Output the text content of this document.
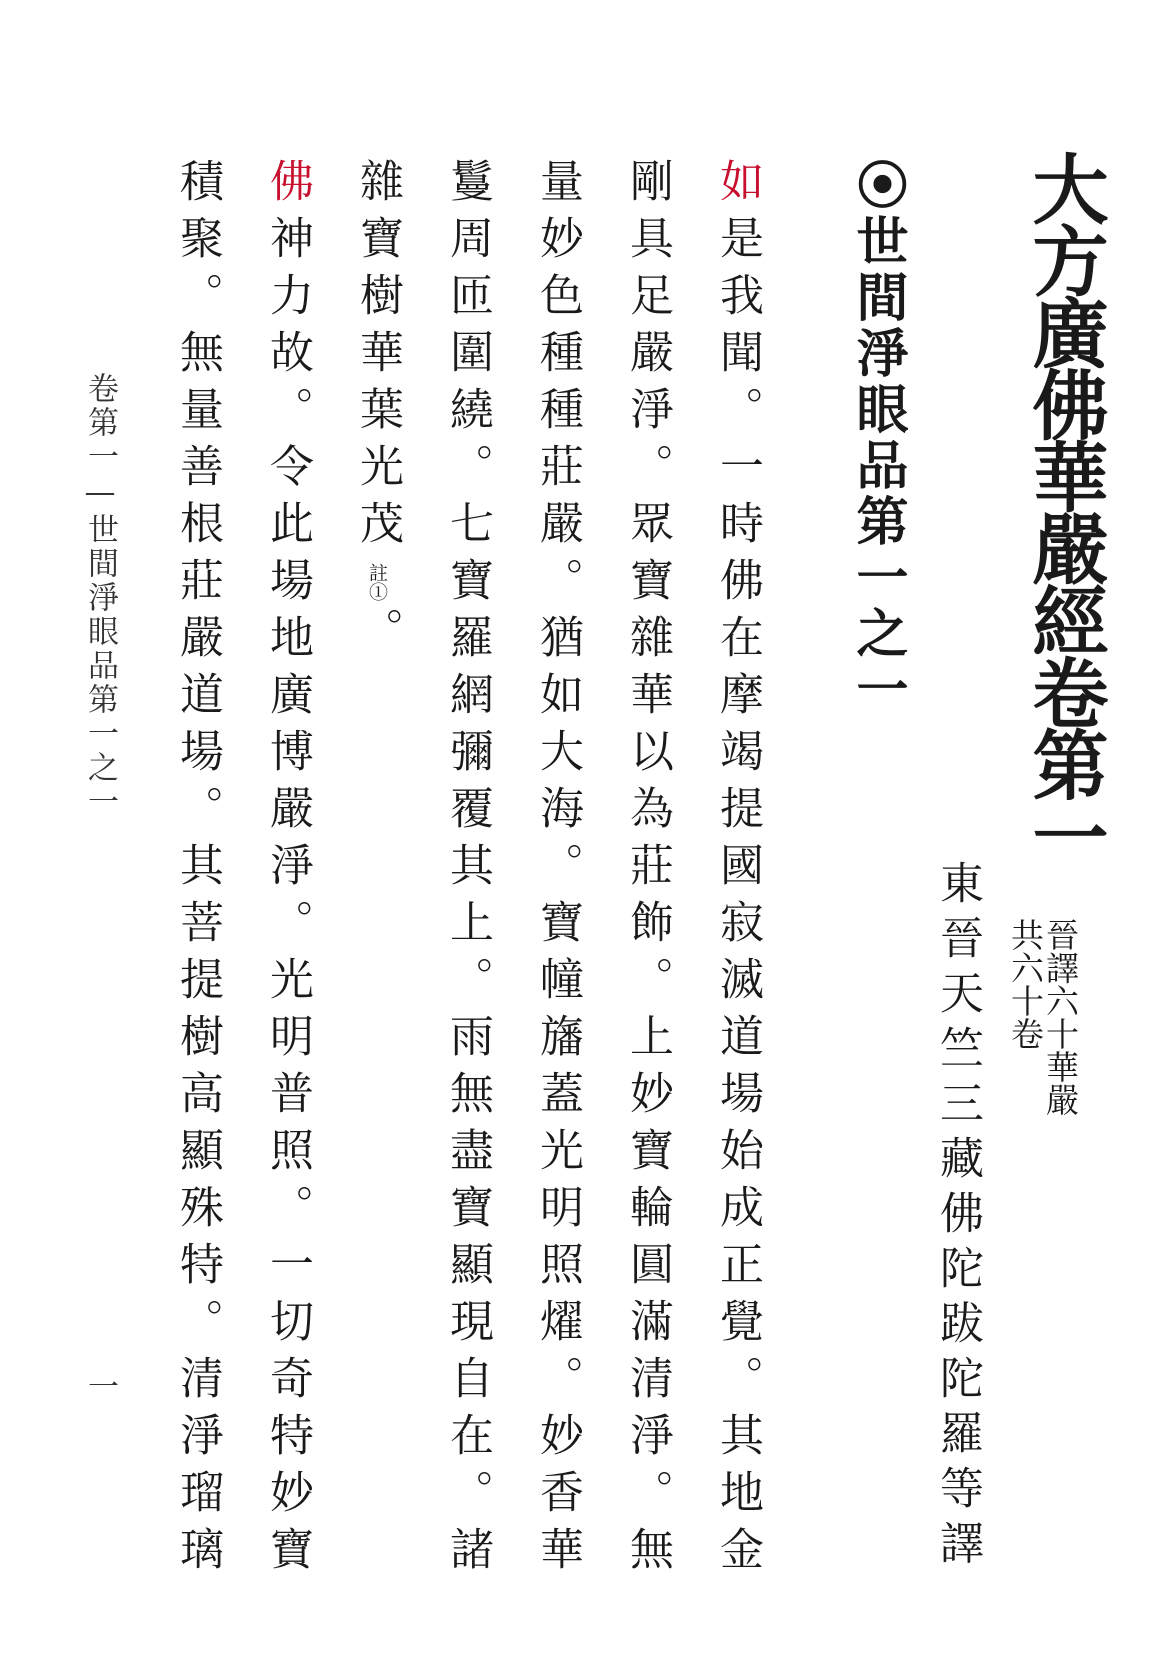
大方廣佛華嚴經卷第一
晉譯六十華嚴
共六十卷
東晉天竺三藏佛陀跋陀羅等譯
⦿世間淨眼品第一之一
如是我聞。一時佛在摩竭提國寂滅道場始成正覺。其地金
剛具足嚴淨。眾寶雜華以為莊飾。上妙寶輪圓滿清淨。無
量妙色種種莊嚴。猶如大海。寶幢旛蓋光明照燿。妙香華
鬘周匝圍繞。七寶羅網彌覆其上。雨無盡寶顯現自在。諸
雜寶樹華葉光茂註①。
佛神力故。令此場地廣博嚴淨。光明普照。一切奇特妙寶
積聚。無量善根莊嚴道場。其菩提樹高顯殊特。清淨瑠璃
卷第一—世間淨眼品第一之一
一
